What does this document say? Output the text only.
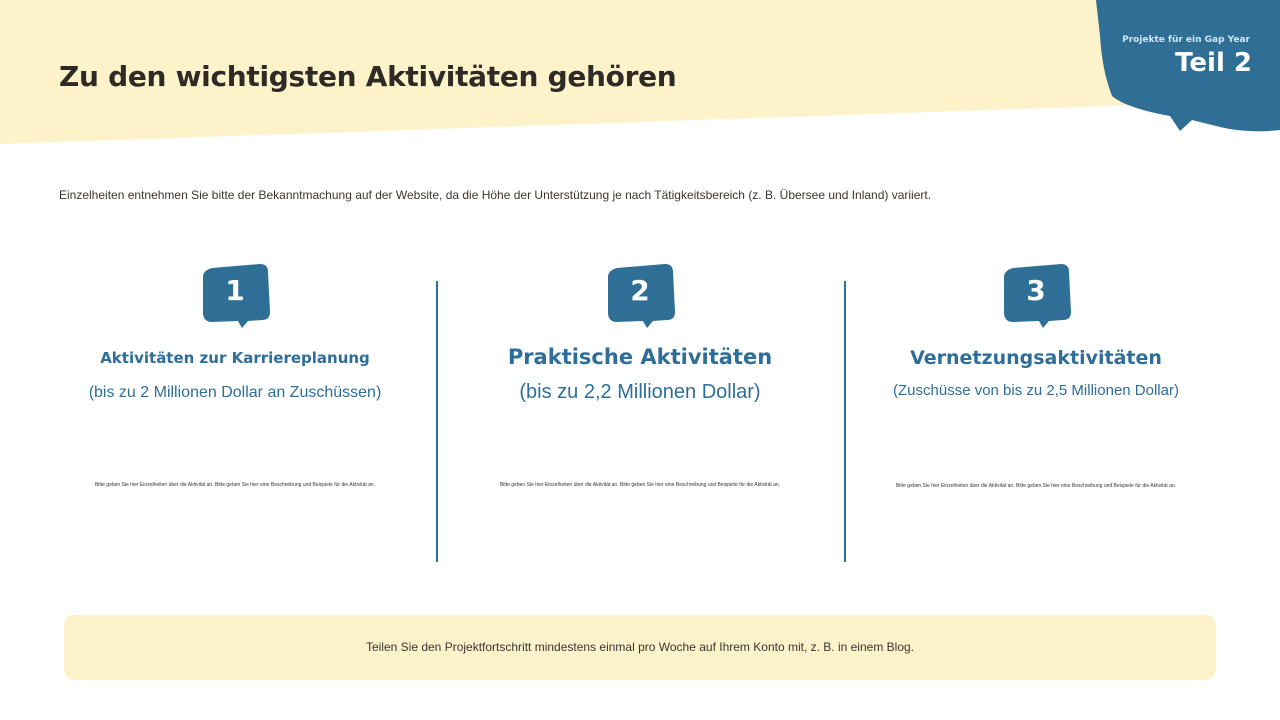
Zu den wichtigsten Aktivitäten gehören
Projekte für ein Gap Year
Teil 2
Einzelheiten entnehmen Sie bitte der Bekanntmachung auf der Website, da die Höhe der Unterstützung je nach Tätigkeitsbereich (z. B. Übersee und Inland) variiert.
1
Aktivitäten zur Karriereplanung
(bis zu 2 Millionen Dollar an Zuschüssen)
Bitte geben Sie hier Einzelheiten über die Aktivität an. Bitte geben Sie hier eine Beschreibung und Beispiele für die Aktivität an.
2
Praktische Aktivitäten
(bis zu 2,2 Millionen Dollar)
Bitte geben Sie hier Einzelheiten über die Aktivität an. Bitte geben Sie hier eine Beschreibung und Beispiele für die Aktivität an.
3
Vernetzungsaktivitäten
(Zuschüsse von bis zu 2,5 Millionen Dollar)
Bitte geben Sie hier Einzelheiten über die Aktivität an. Bitte geben Sie hier eine Beschreibung und Beispiele für die Aktivität an.
Teilen Sie den Projektfortschritt mindestens einmal pro Woche auf Ihrem Konto mit, z. B. in einem Blog.
